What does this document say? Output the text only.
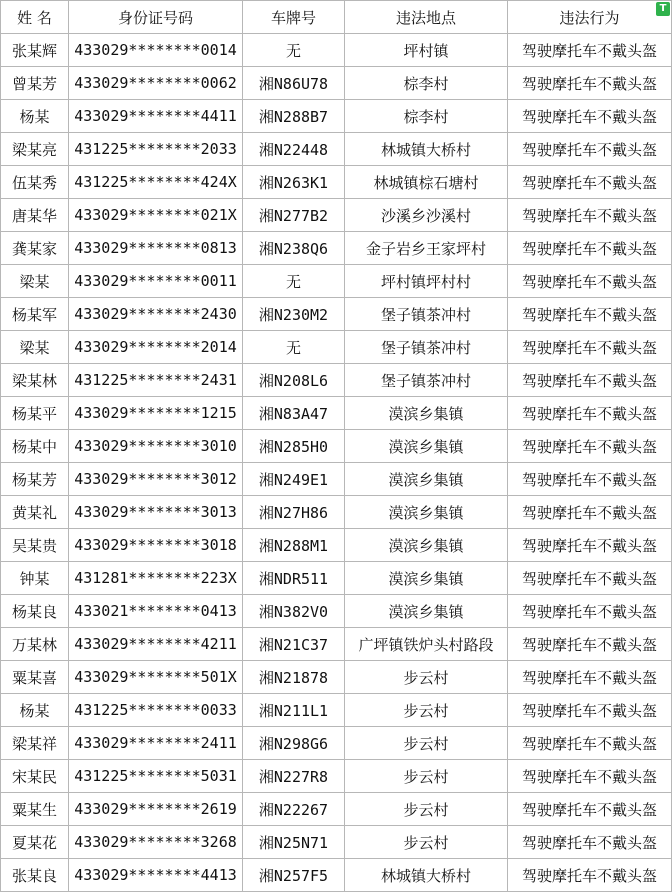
姓 名	身份证号码	车牌号	违法地点	违法行为
张某辉	433029********0014	无	坪村镇	驾驶摩托车不戴头盔
曾某芳	433029********0062	湘N86U78	棕李村	驾驶摩托车不戴头盔
杨某	433029********4411	湘N288B7	棕李村	驾驶摩托车不戴头盔
梁某亮	431225********2033	湘N22448	林城镇大桥村	驾驶摩托车不戴头盔
伍某秀	431225********424X	湘N263K1	林城镇棕石塘村	驾驶摩托车不戴头盔
唐某华	433029********021X	湘N277B2	沙溪乡沙溪村	驾驶摩托车不戴头盔
龚某家	433029********0813	湘N238Q6	金子岩乡王家坪村	驾驶摩托车不戴头盔
梁某	433029********0011	无	坪村镇坪村村	驾驶摩托车不戴头盔
杨某军	433029********2430	湘N230M2	堡子镇茶冲村	驾驶摩托车不戴头盔
梁某	433029********2014	无	堡子镇茶冲村	驾驶摩托车不戴头盔
梁某林	431225********2431	湘N208L6	堡子镇茶冲村	驾驶摩托车不戴头盔
杨某平	433029********1215	湘N83A47	漠滨乡集镇	驾驶摩托车不戴头盔
杨某中	433029********3010	湘N285H0	漠滨乡集镇	驾驶摩托车不戴头盔
杨某芳	433029********3012	湘N249E1	漠滨乡集镇	驾驶摩托车不戴头盔
黄某礼	433029********3013	湘N27H86	漠滨乡集镇	驾驶摩托车不戴头盔
吴某贵	433029********3018	湘N288M1	漠滨乡集镇	驾驶摩托车不戴头盔
钟某	431281********223X	湘NDR511	漠滨乡集镇	驾驶摩托车不戴头盔
杨某良	433021********0413	湘N382V0	漠滨乡集镇	驾驶摩托车不戴头盔
万某林	433029********4211	湘N21C37	广坪镇铁炉头村路段	驾驶摩托车不戴头盔
粟某喜	433029********501X	湘N21878	步云村	驾驶摩托车不戴头盔
杨某	431225********0033	湘N211L1	步云村	驾驶摩托车不戴头盔
梁某祥	433029********2411	湘N298G6	步云村	驾驶摩托车不戴头盔
宋某民	431225********5031	湘N227R8	步云村	驾驶摩托车不戴头盔
粟某生	433029********2619	湘N22267	步云村	驾驶摩托车不戴头盔
夏某花	433029********3268	湘N25N71	步云村	驾驶摩托车不戴头盔
张某良	433029********4413	湘N257F5	林城镇大桥村	驾驶摩托车不戴头盔
T
